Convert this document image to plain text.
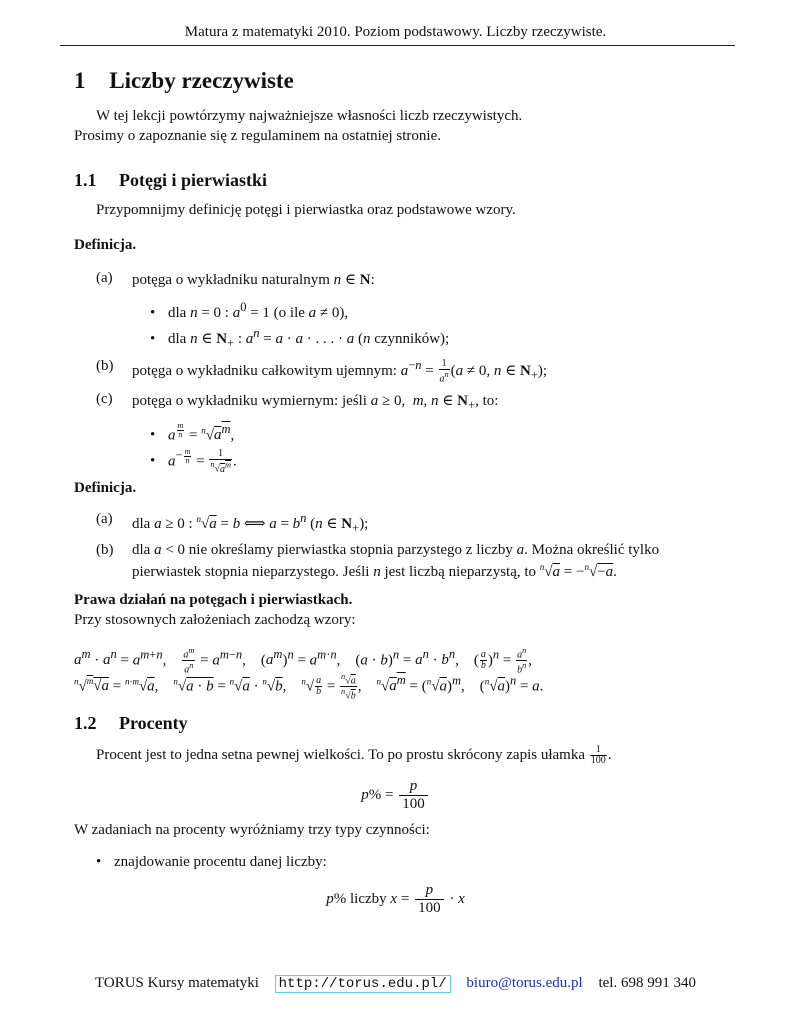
Matura z matematyki 2010. Poziom podstawowy. Liczby rzeczywiste.
1 Liczby rzeczywiste
W tej lekcji powtórzymy najważniejsze własności liczb rzeczywistych.
Prosimy o zapoznanie się z regulaminem na ostatniej stronie.
1.1 Potęgi i pierwiastki
Przypomnijmy definicję potęgi i pierwiastka oraz podstawowe wzory.
Definicja.
(a) potęga o wykładniku naturalnym n ∈ N:
• dla n = 0 : $a^0 = 1$ (o ile a ≠ 0),
• dla n ∈ $N_+$ : $a^n = a \cdot a$ · . . . · a (n czynników);
(b) potęga o wykładniku całkowitym ujemnym: $a^{-n} = \frac{1}{a^n} (a \ne 0$, n ∈ $N_+$);
(c) potęga o wykładniku wymiernym: jeśli a ≥ 0,  m, n ∈ $N_+$, to:
• a $^{\frac{m}{n}} = ^n√a^m$,
• $a^{- \frac{m}{n}} = \frac{1}{^n√a^m}$ .
Definicja.
(a) dla a ≥ 0 : $^n$√a = b ⟺ $a = b^n$ (n ∈ $N_+$);
(b) dla a < 0 nie określamy pierwiastka stopnia parzystego z liczby a. Można określić tylko
pierwiastek stopnia nieparzystego. Jeśli n jest liczbą nieparzystą, to $^n$√a = −$^n$√−a.
Prawa działań na potęgach i pierwiastkach.
Przy stosownych założeniach zachodzą wzory:
$a^m \cdot a^n = a^{m+n}$, $\frac{a^m}{a^n} = a^{m-n}$,    $(a^m)^n = a^{m\cdot n}$,    $(a \cdot b)^n = a^n \cdot b^n$,    ( $\frac{a}{b} )^n = \frac{a^n}{b^n}$ ,
$^n$√$^m$√a = $^{n\cdot m}$√a,    $^n$√a · b = $^n$√a · $^n$√b,    $^n√ \frac{a}{b} = \frac{^n√a}{^n√b}$ ,    $^n√a^m = (^n√a)^m$,    $(^n√a)^n = a$.
1.2 Procenty
Procent jest to jedna setna pewnej wielkości. To po prostu skrócony zapis ułamka $\frac{1}{100}$ .
$p\% = \frac{p}{100}$
W zadaniach na procenty wyróżniamy trzy typy czynności:
• znajdowanie procentu danej liczby:
p% liczby $x = \frac{p}{100} \cdot x$
TORUS Kursy matematyki http://torus.edu.pl/ biuro@torus.edu.pl tel. 698 991 340
